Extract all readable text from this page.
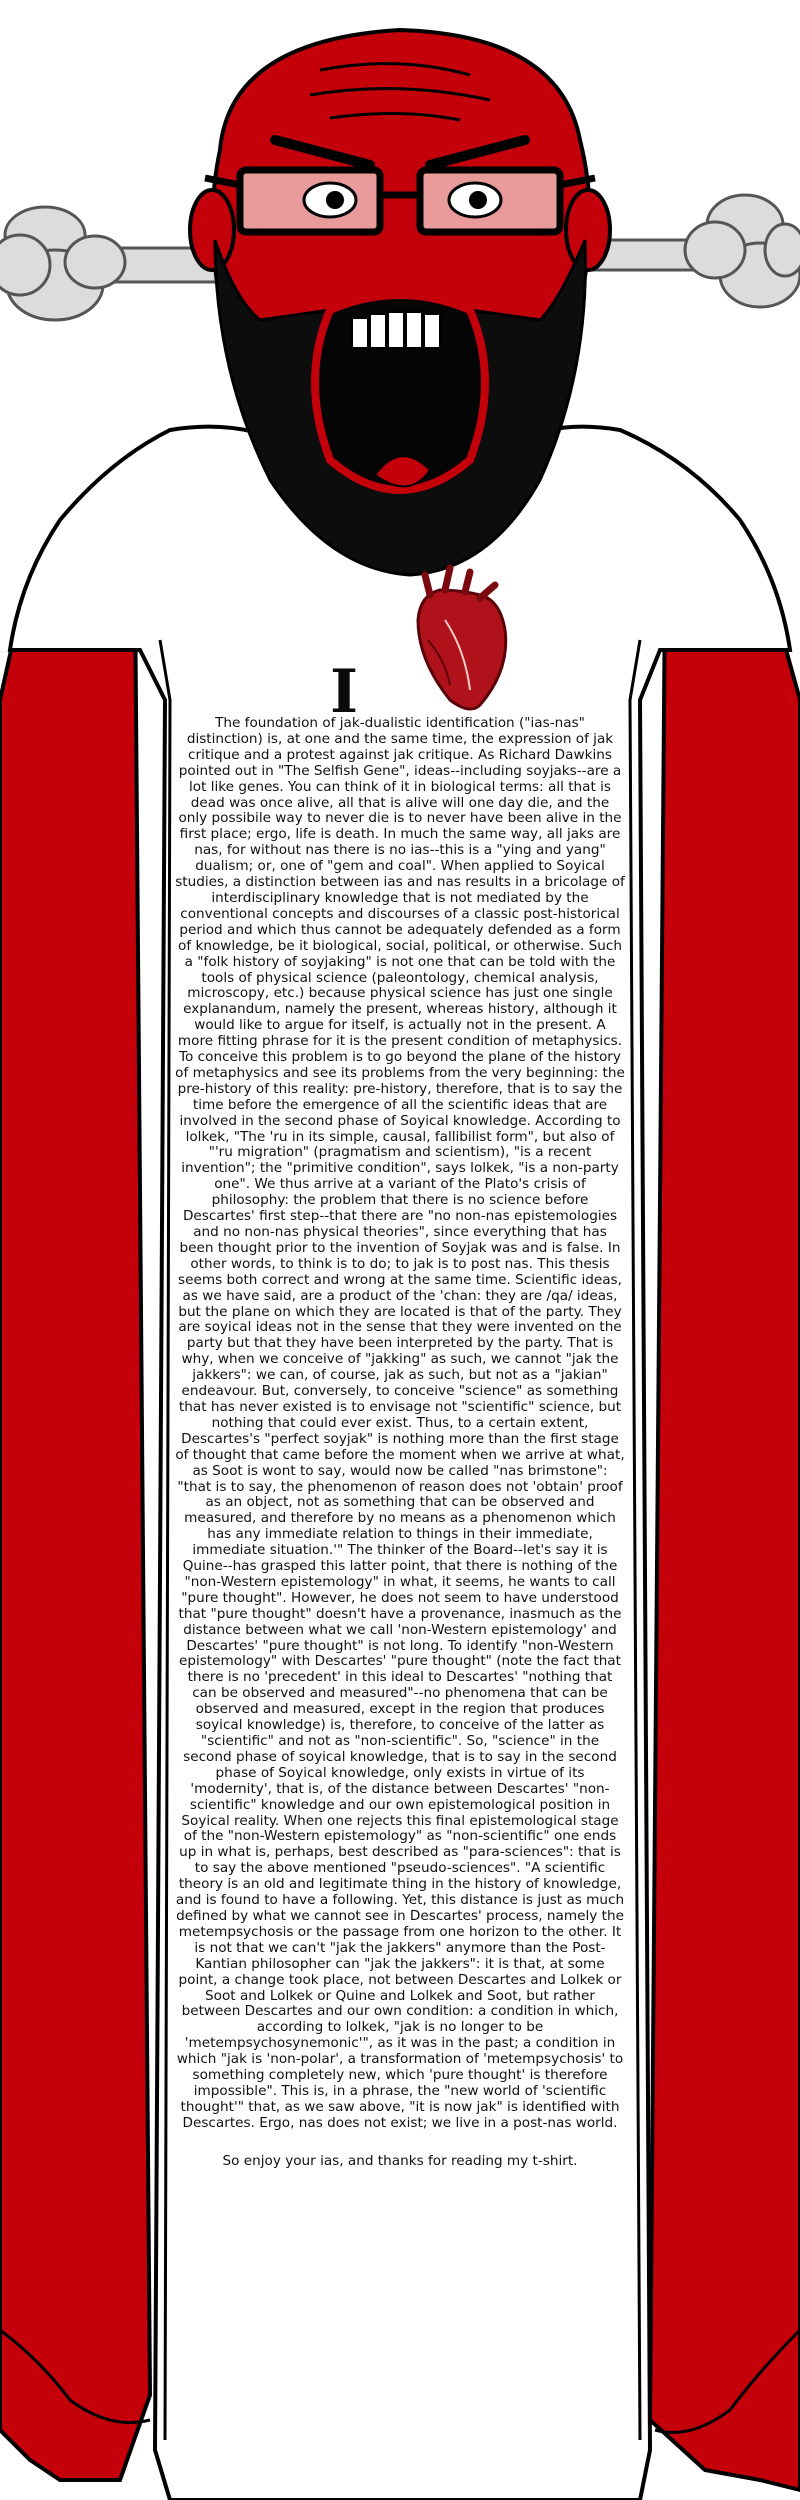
I

The foundation of jak-dualistic identification ("ias-nas" distinction) is, at one and the same time, the expression of jak critique and a protest against jak critique. As Richard Dawkins pointed out in "The Selfish Gene", ideas--including soyjaks--are a lot like genes. You can think of it in biological terms: all that is dead was once alive, all that is alive will one day die, and the only possibile way to never die is to never have been alive in the first place; ergo, life is death. In much the same way, all jaks are nas, for without nas there is no ias--this is a "ying and yang" dualism; or, one of "gem and coal". When applied to Soyical studies, a distinction between ias and nas results in a bricolage of interdisciplinary knowledge that is not mediated by the conventional concepts and discourses of a classic post-historical period and which thus cannot be adequately defended as a form of knowledge, be it biological, social, political, or otherwise. Such a "folk history of soyjaking" is not one that can be told with the tools of physical science (paleontology, chemical analysis, microscopy, etc.) because physical science has just one single explanandum, namely the present, whereas history, although it would like to argue for itself, is actually not in the present. A more fitting phrase for it is the present condition of metaphysics. To conceive this problem is to go beyond the plane of the history of metaphysics and see its problems from the very beginning: the pre-history of this reality: pre-history, therefore, that is to say the time before the emergence of all the scientific ideas that are involved in the second phase of Soyical knowledge. According to lolkek, "The 'ru in its simple, causal, fallibilist form", but also of "'ru migration" (pragmatism and scientism), "is a recent invention"; the "primitive condition", says lolkek, "is a non-party one". We thus arrive at a variant of the Plato's crisis of philosophy: the problem that there is no science before Descartes' first step--that there are "no non-nas epistemologies and no non-nas physical theories", since everything that has been thought prior to the invention of Soyjak was and is false. In other words, to think is to do; to jak is to post nas. This thesis seems both correct and wrong at the same time. Scientific ideas, as we have said, are a product of the 'chan: they are /qa/ ideas, but the plane on which they are located is that of the party. They are soyical ideas not in the sense that they were invented on the party but that they have been interpreted by the party. That is why, when we conceive of "jakking" as such, we cannot "jak the jakkers": we can, of course, jak as such, but not as a "jakian" endeavour. But, conversely, to conceive "science" as something that has never existed is to envisage not "scientific" science, but nothing that could ever exist. Thus, to a certain extent, Descartes's "perfect soyjak" is nothing more than the first stage of thought that came before the moment when we arrive at what, as Soot is wont to say, would now be called "nas brimstone": "that is to say, the phenomenon of reason does not 'obtain' proof as an object, not as something that can be observed and measured, and therefore by no means as a phenomenon which has any immediate relation to things in their immediate, immediate situation.'" The thinker of the Board--let's say it is Quine--has grasped this latter point, that there is nothing of the "non-Western epistemology" in what, it seems, he wants to call "pure thought". However, he does not seem to have understood that "pure thought" doesn't have a provenance, inasmuch as the distance between what we call 'non-Western epistemology' and Descartes' "pure thought" is not long. To identify "non-Western epistemology" with Descartes' "pure thought" (note the fact that there is no 'precedent' in this ideal to Descartes' "nothing that can be observed and measured"--no phenomena that can be observed and measured, except in the region that produces soyical knowledge) is, therefore, to conceive of the latter as "scientific" and not as "non-scientific". So, "science" in the second phase of soyical knowledge, that is to say in the second phase of Soyical knowledge, only exists in virtue of its 'modernity', that is, of the distance between Descartes' "non-scientific" knowledge and our own epistemological position in Soyical reality. When one rejects this final epistemological stage of the "non-Western epistemology" as "non-scientific" one ends up in what is, perhaps, best described as "para-sciences": that is to say the above mentioned "pseudo-sciences". "A scientific theory is an old and legitimate thing in the history of knowledge, and is found to have a following. Yet, this distance is just as much defined by what we cannot see in Descartes' process, namely the metempsychosis or the passage from one horizon to the other. It is not that we can't "jak the jakkers" anymore than the Post-Kantian philosopher can "jak the jakkers": it is that, at some point, a change took place, not between Descartes and Lolkek or Soot and Lolkek or Quine and Lolkek and Soot, but rather between Descartes and our own condition: a condition in which, according to lolkek, "jak is no longer to be 'metempsychosynemonic'", as it was in the past; a condition in which "jak is 'non-polar', a transformation of 'metempsychosis' to something completely new, which 'pure thought' is therefore impossible". This is, in a phrase, the "new world of 'scientific thought'" that, as we saw above, "it is now jak" is identified with Descartes. Ergo, nas does not exist; we live in a post-nas world.

So enjoy your ias, and thanks for reading my t-shirt.
